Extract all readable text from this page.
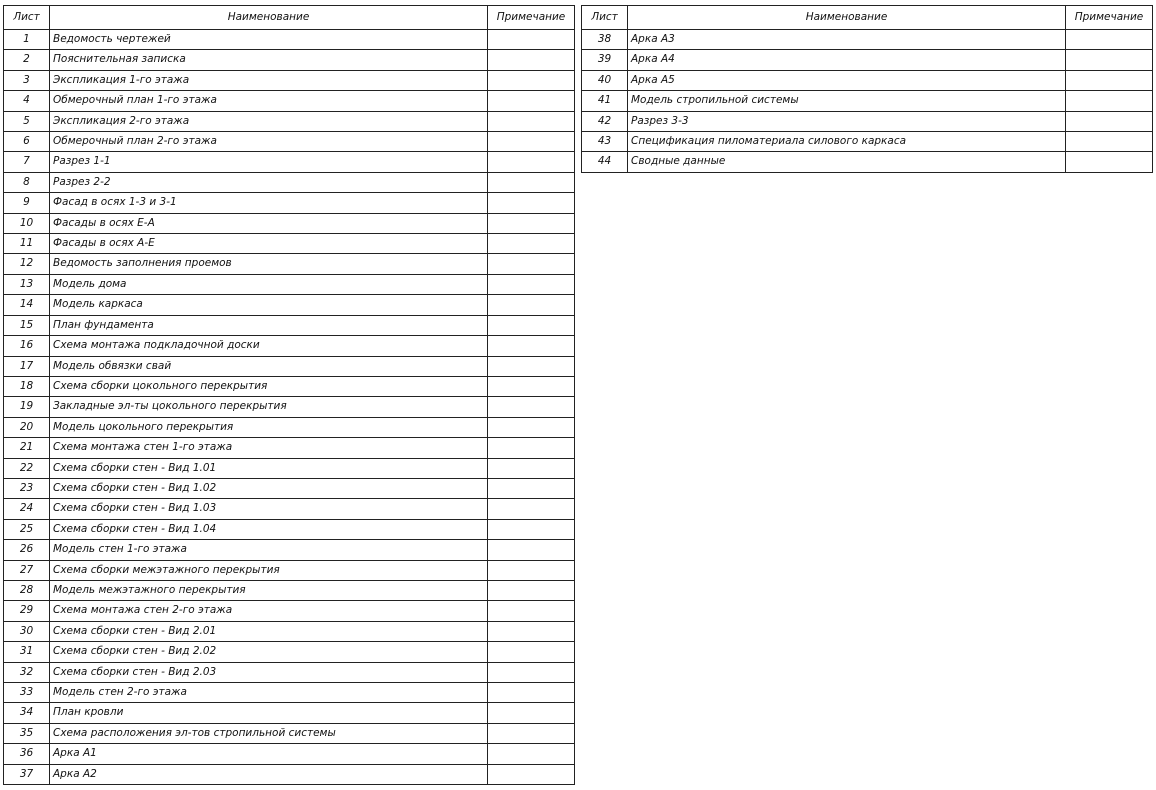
Лист	Наименование	Примечание
1	Ведомость чертежей	
2	Пояснительная записка	
3	Экспликация 1-го этажа	
4	Обмерочный план 1-го этажа	
5	Экспликация 2-го этажа	
6	Обмерочный план 2-го этажа	
7	Разрез 1-1	
8	Разрез 2-2	
9	Фасад в осях 1-3 и 3-1	
10	Фасады в осях Е-А	
11	Фасады в осях А-Е	
12	Ведомость заполнения проемов	
13	Модель дома	
14	Модель каркаса	
15	План фундамента	
16	Схема монтажа подкладочной доски	
17	Модель обвязки свай	
18	Схема сборки цокольного перекрытия	
19	Закладные эл-ты цокольного перекрытия	
20	Модель цокольного перекрытия	
21	Схема монтажа стен 1-го этажа	
22	Схема сборки стен - Вид 1.01	
23	Схема сборки стен - Вид 1.02	
24	Схема сборки стен - Вид 1.03	
25	Схема сборки стен - Вид 1.04	
26	Модель стен 1-го этажа	
27	Схема сборки межэтажного перекрытия	
28	Модель межэтажного перекрытия	
29	Схема монтажа стен 2-го этажа	
30	Схема сборки стен - Вид 2.01	
31	Схема сборки стен - Вид 2.02	
32	Схема сборки стен - Вид 2.03	
33	Модель стен 2-го этажа	
34	План кровли	
35	Схема расположения эл-тов стропильной системы	
36	Арка А1	
37	Арка А2	
Лист	Наименование	Примечание
38	Арка А3	
39	Арка А4	
40	Арка А5	
41	Модель стропильной системы	
42	Разрез 3-3	
43	Спецификация пиломатериала силового каркаса	
44	Сводные данные	
